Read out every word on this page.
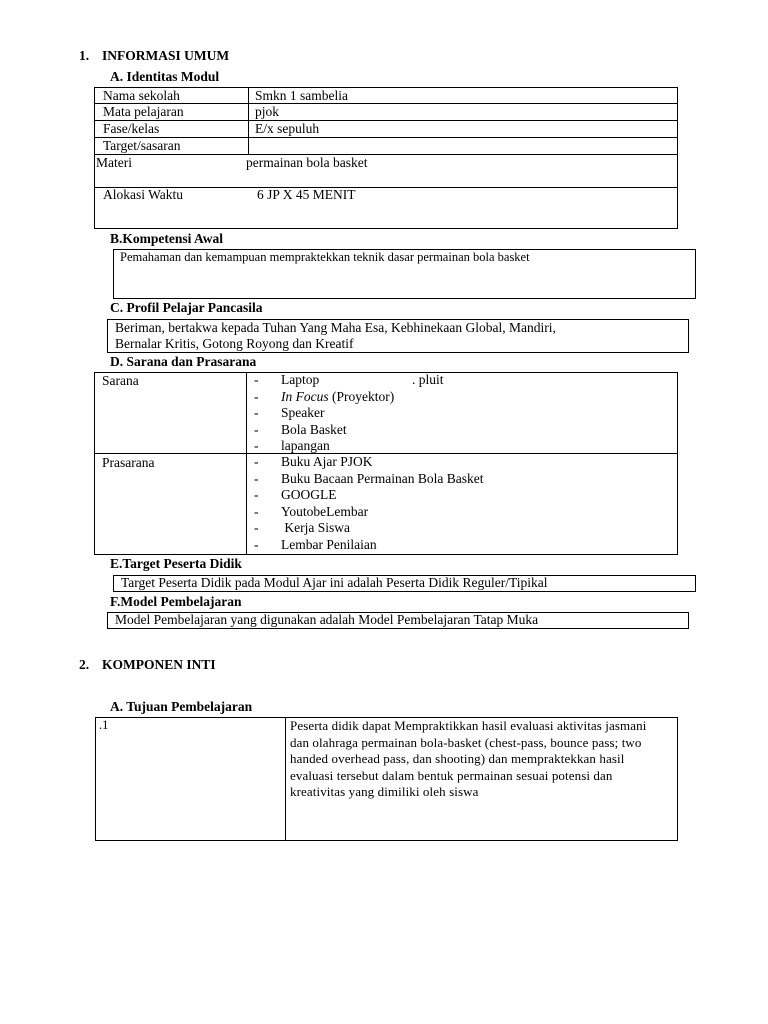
1. INFORMASI UMUM
A. Identitas Modul
Nama sekolah	Smkn 1 sambelia
Mata pelajaran	pjok
Fase/kelas	E/x sepuluh
Target/sasaran
Materi	permainan bola basket
Alokasi Waktu	6 JP X 45 MENIT
B.Kompetensi Awal
Pemahaman dan kemampuan mempraktekkan teknik dasar permainan bola basket
C. Profil Pelajar Pancasila
Beriman, bertakwa kepada Tuhan Yang Maha Esa, Kebhinekaan Global, Mandiri,
Bernalar Kritis, Gotong Royong dan Kreatif
D. Sarana dan Prasarana
Sarana	- Laptop	. pluit
- In Focus (Proyektor)
- Speaker
- Bola Basket
- lapangan
Prasarana	- Buku Ajar PJOK
- Buku Bacaan Permainan Bola Basket
- GOOGLE
- YoutobeLembar
- Kerja Siswa
- Lembar Penilaian
E.Target Peserta Didik
Target Peserta Didik pada Modul Ajar ini adalah Peserta Didik Reguler/Tipikal
F.Model Pembelajaran
Model Pembelajaran yang digunakan adalah Model Pembelajaran Tatap Muka
2. KOMPONEN INTI
A. Tujuan Pembelajaran
.1	Peserta didik dapat Mempraktikkan hasil evaluasi aktivitas jasmani dan olahraga permainan bola-basket (chest-pass, bounce pass; two handed overhead pass, dan shooting) dan mempraktekkan hasil evaluasi tersebut dalam bentuk permainan sesuai potensi dan kreativitas yang dimiliki oleh siswa
